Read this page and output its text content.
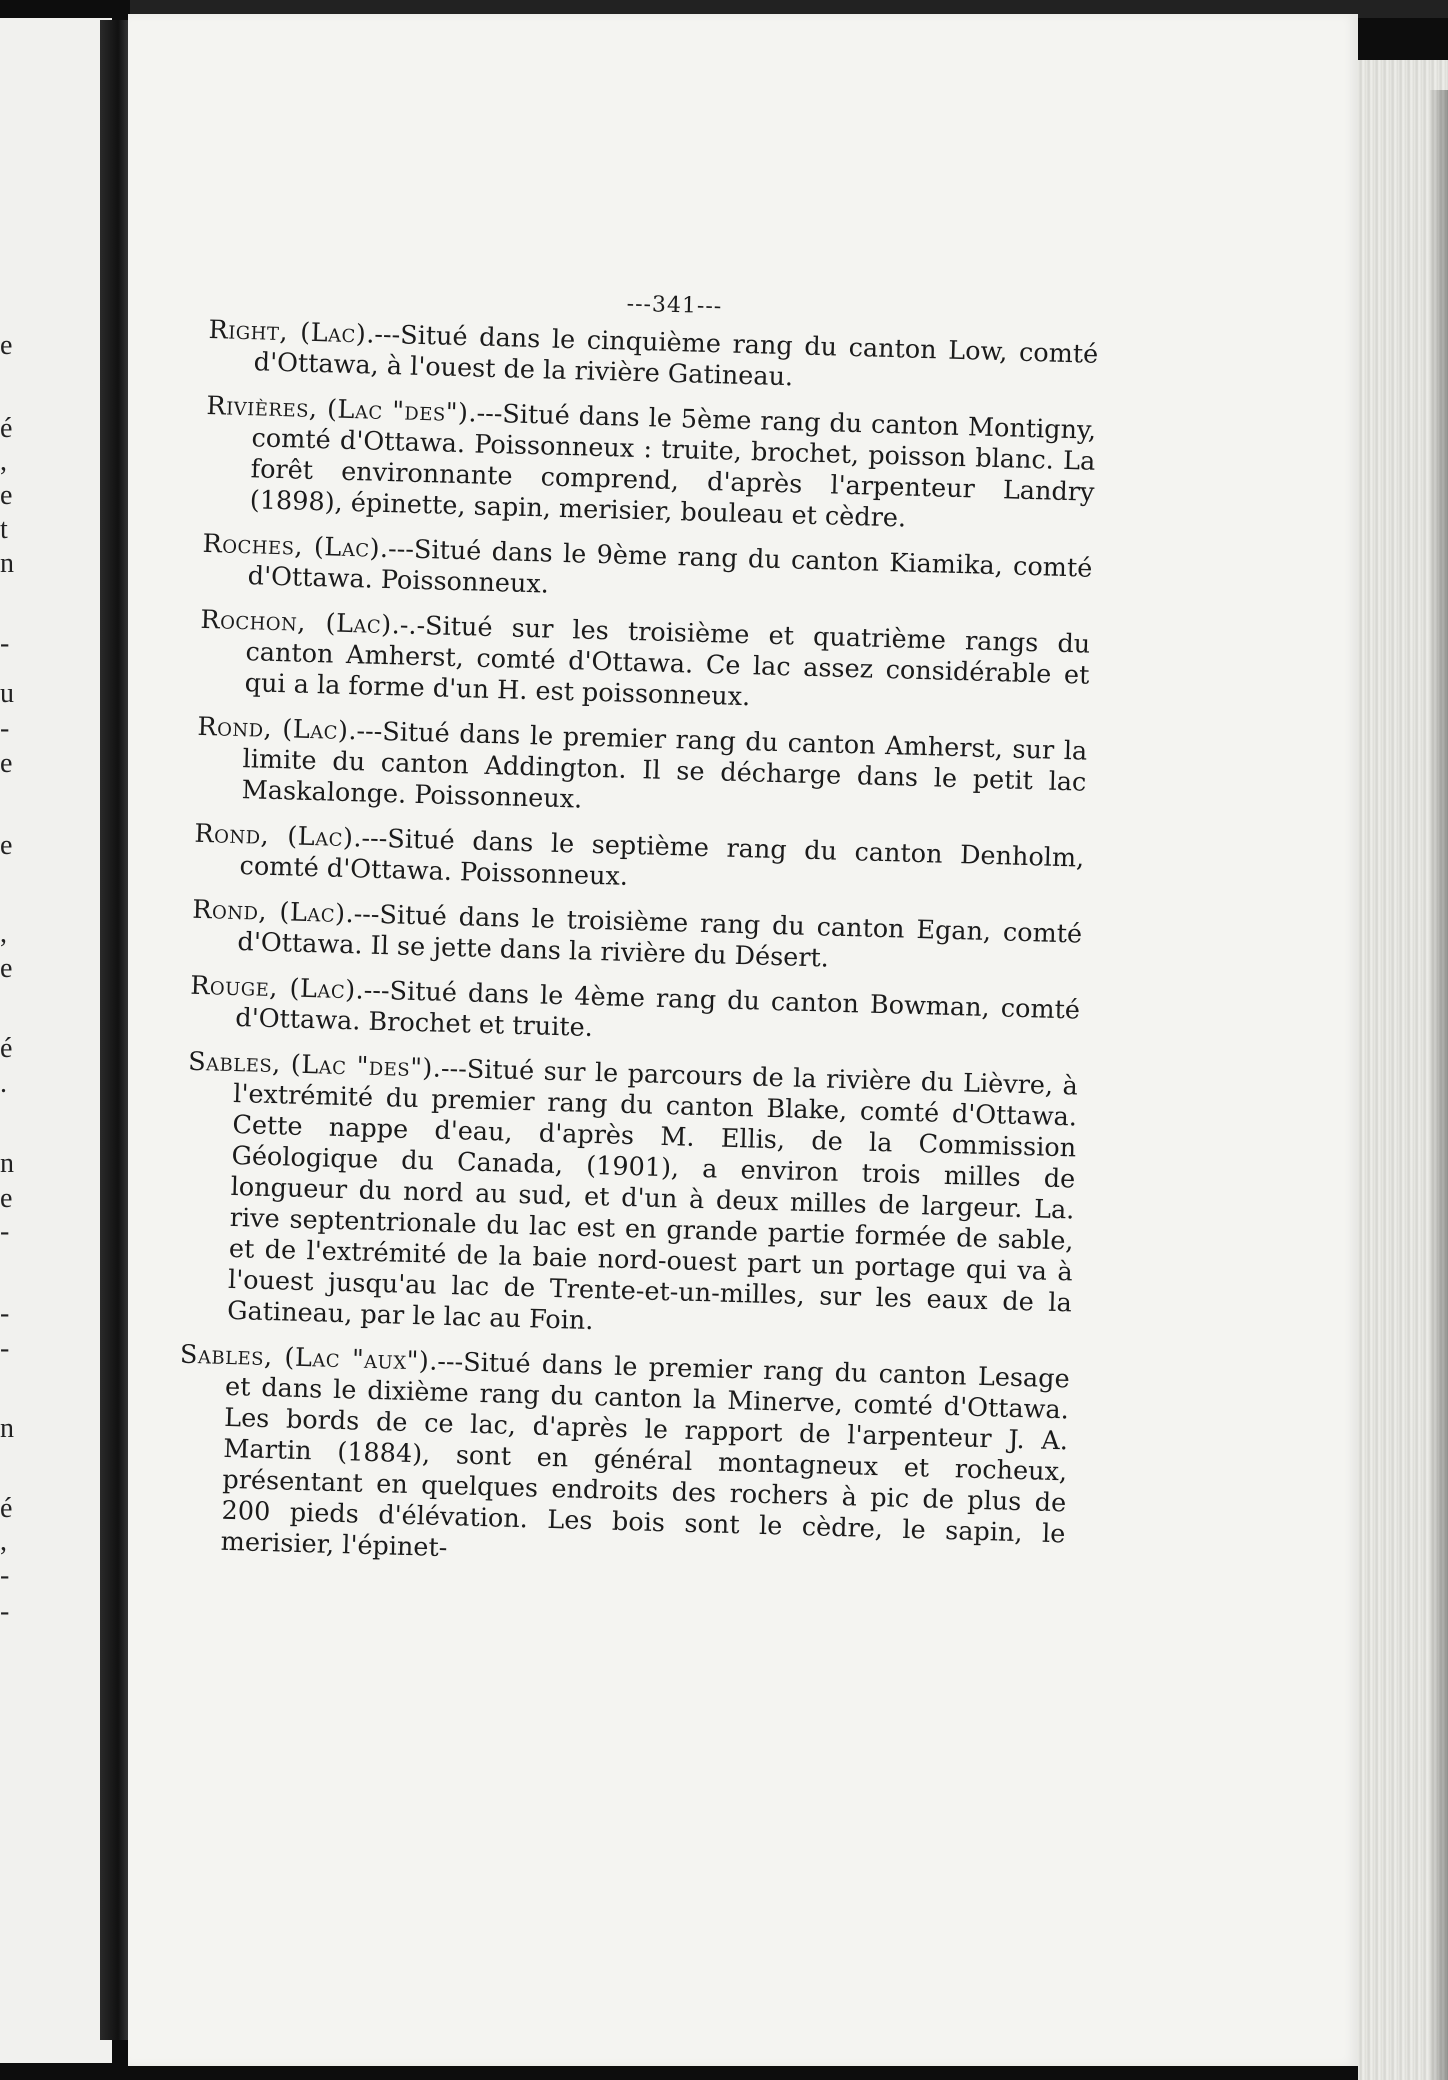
e
é
,
e
t
n
-
u
-
e
e
,
e
é
.
n
e
-
-
-
n
é
,
-
-
---341---

Right, (Lac).---Situé dans le cinquième rang du canton Low, comté d'Ottawa, à l'ouest de la rivière Gatineau.

Rivières, (Lac "des").---Situé dans le 5ème rang du canton Montigny, comté d'Ottawa. Poissonneux : truite, brochet, poisson blanc. La forêt environnante comprend, d'après l'arpenteur Landry (1898), épinette, sapin, merisier, bouleau et cèdre.

Roches, (Lac).---Situé dans le 9ème rang du canton Kiamika, comté d'Ottawa. Poissonneux.

Rochon, (Lac).-.-Situé sur les troisième et quatrième rangs du canton Amherst, comté d'Ottawa. Ce lac assez considérable et qui a la forme d'un H. est poissonneux.

Rond, (Lac).---Situé dans le premier rang du canton Amherst, sur la limite du canton Addington. Il se décharge dans le petit lac Maskalonge. Poissonneux.

Rond, (Lac).---Situé dans le septième rang du canton Denholm, comté d'Ottawa. Poissonneux.

Rond, (Lac).---Situé dans le troisième rang du canton Egan, comté d'Ottawa. Il se jette dans la rivière du Désert.

Rouge, (Lac).---Situé dans le 4ème rang du canton Bowman, comté d'Ottawa. Brochet et truite.

Sables, (Lac "des").---Situé sur le parcours de la rivière du Lièvre, à l'extrémité du premier rang du canton Blake, comté d'Ottawa. Cette nappe d'eau, d'après M. Ellis, de la Commission Géologique du Canada, (1901), a environ trois milles de longueur du nord au sud, et d'un à deux milles de largeur. La. rive septentrionale du lac est en grande partie formée de sable, et de l'extrémité de la baie nord-ouest part un portage qui va à l'ouest jusqu'au lac de Trente-et-un-milles, sur les eaux de la Gatineau, par le lac au Foin.

Sables, (Lac "aux").---Situé dans le premier rang du canton Lesage et dans le dixième rang du canton la Minerve, comté d'Ottawa. Les bords de ce lac, d'après le rapport de l'arpenteur J. A. Martin (1884), sont en général montagneux et rocheux, présentant en quelques endroits des rochers à pic de plus de 200 pieds d'élévation. Les bois sont le cèdre, le sapin, le merisier, l'épinet-
